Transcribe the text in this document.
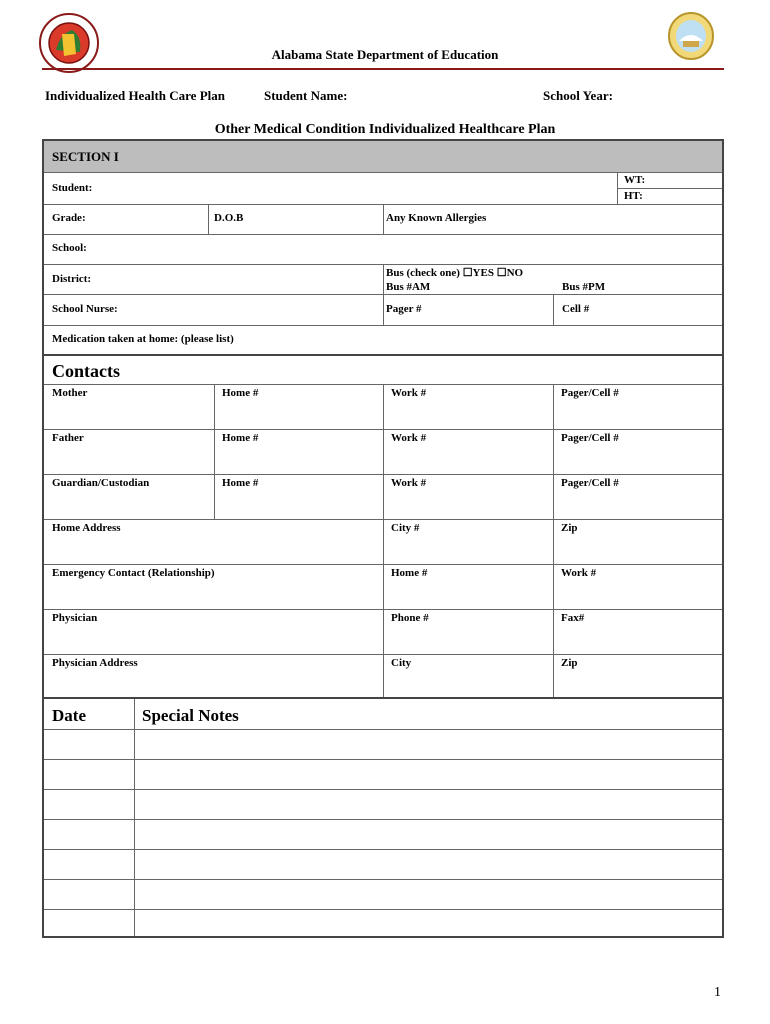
Alabama State Department of Education
Individualized Health Care Plan	Student Name:	School Year:
Other Medical Condition Individualized Healthcare Plan
SECTION I
Student:
WT:
HT:
Grade:	D.O.B	Any Known Allergies
School:
District:	Bus (check one) ☐YES ☐NO
Bus #AM	Bus #PM
School Nurse:	Pager #	Cell #
Medication taken at home: (please list)
Contacts
Mother	Home #	Work #	Pager/Cell #
Father	Home #	Work #	Pager/Cell #
Guardian/Custodian	Home #	Work #	Pager/Cell #
Home Address	City #	Zip
Emergency Contact (Relationship)	Home #	Work #
Physician	Phone #	Fax#
Physician Address	City	Zip
Date	Special Notes
1
